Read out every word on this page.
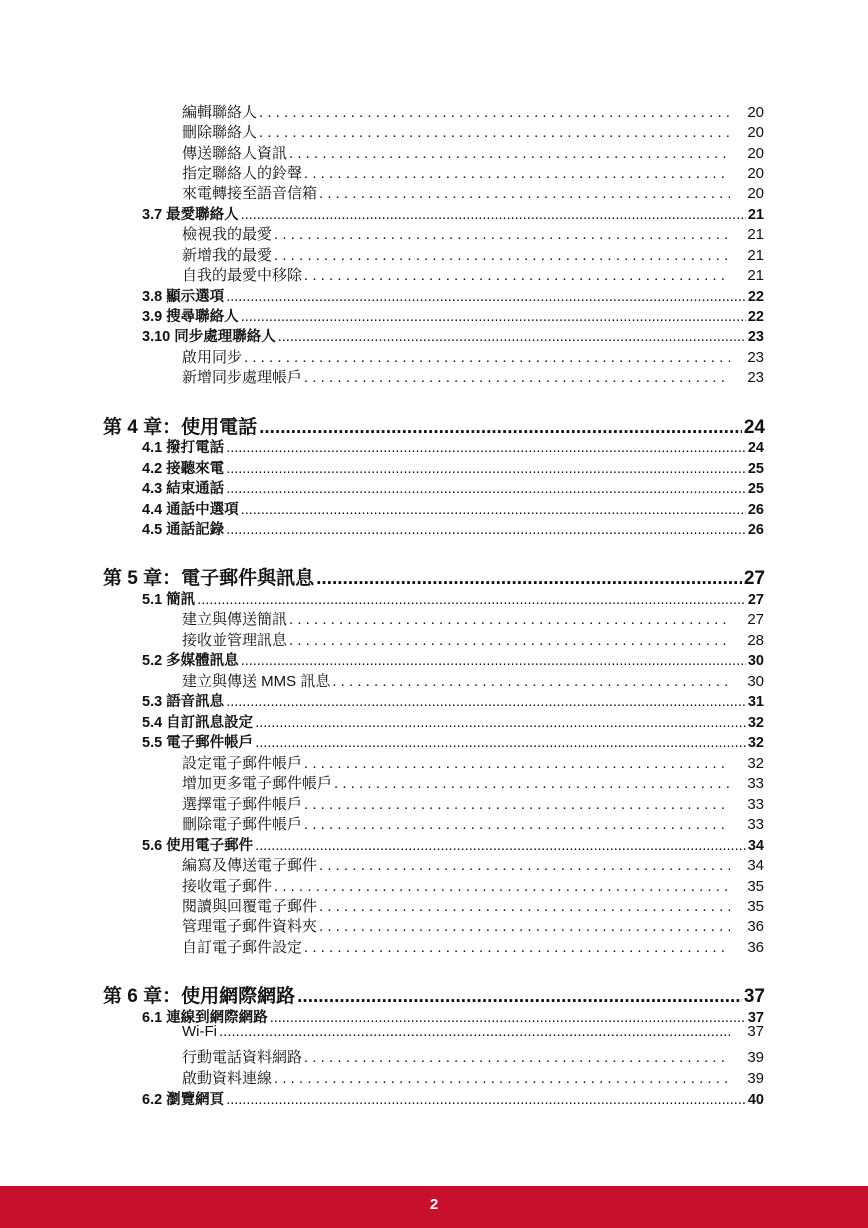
編輯聯絡人 . . .	20
刪除聯絡人 . . .	20
傳送聯絡人資訊 . . .	20
指定聯絡人的鈴聲 . . .	20
來電轉接至語音信箱 . . .	20
3.7 最愛聯絡人 .....	21
檢視我的最愛 . . .	21
新增我的最愛 . . .	21
自我的最愛中移除 . . .	21
3.8 顯示選項 .....	22
3.9 搜尋聯絡人 .....	22
3.10 同步處理聯絡人 .....	23
啟用同步 . . .	23
新增同步處理帳戶 . . .	23
第 4 章：使用電話 .....	24
4.1 撥打電話 .....	24
4.2 接聽來電 .....	25
4.3 結束通話 .....	25
4.4 通話中選項 .....	26
4.5 通話記錄 .....	26
第 5 章：電子郵件與訊息 .....	27
5.1 簡訊 .....	27
建立與傳送簡訊 . . .	27
接收並管理訊息 . . .	28
5.2 多媒體訊息 .....	30
建立與傳送 MMS 訊息 . . .	30
5.3 語音訊息 .....	31
5.4 自訂訊息設定 .....	32
5.5 電子郵件帳戶 .....	32
設定電子郵件帳戶 . . .	32
增加更多電子郵件帳戶 . . .	33
選擇電子郵件帳戶 . . .	33
刪除電子郵件帳戶 . . .	33
5.6 使用電子郵件 .....	34
編寫及傳送電子郵件 . . .	34
接收電子郵件 . . .	35
閱讀與回覆電子郵件 . . .	35
管理電子郵件資料夾 . . .	36
自訂電子郵件設定 . . .	36
第 6 章：使用網際網路 .....	37
6.1 連線到網際網路 .....	37
Wi-Fi .....	37
行動電話資料網路 . . .	39
啟動資料連線 . . .	39
6.2 瀏覽網頁 .....	40
2
